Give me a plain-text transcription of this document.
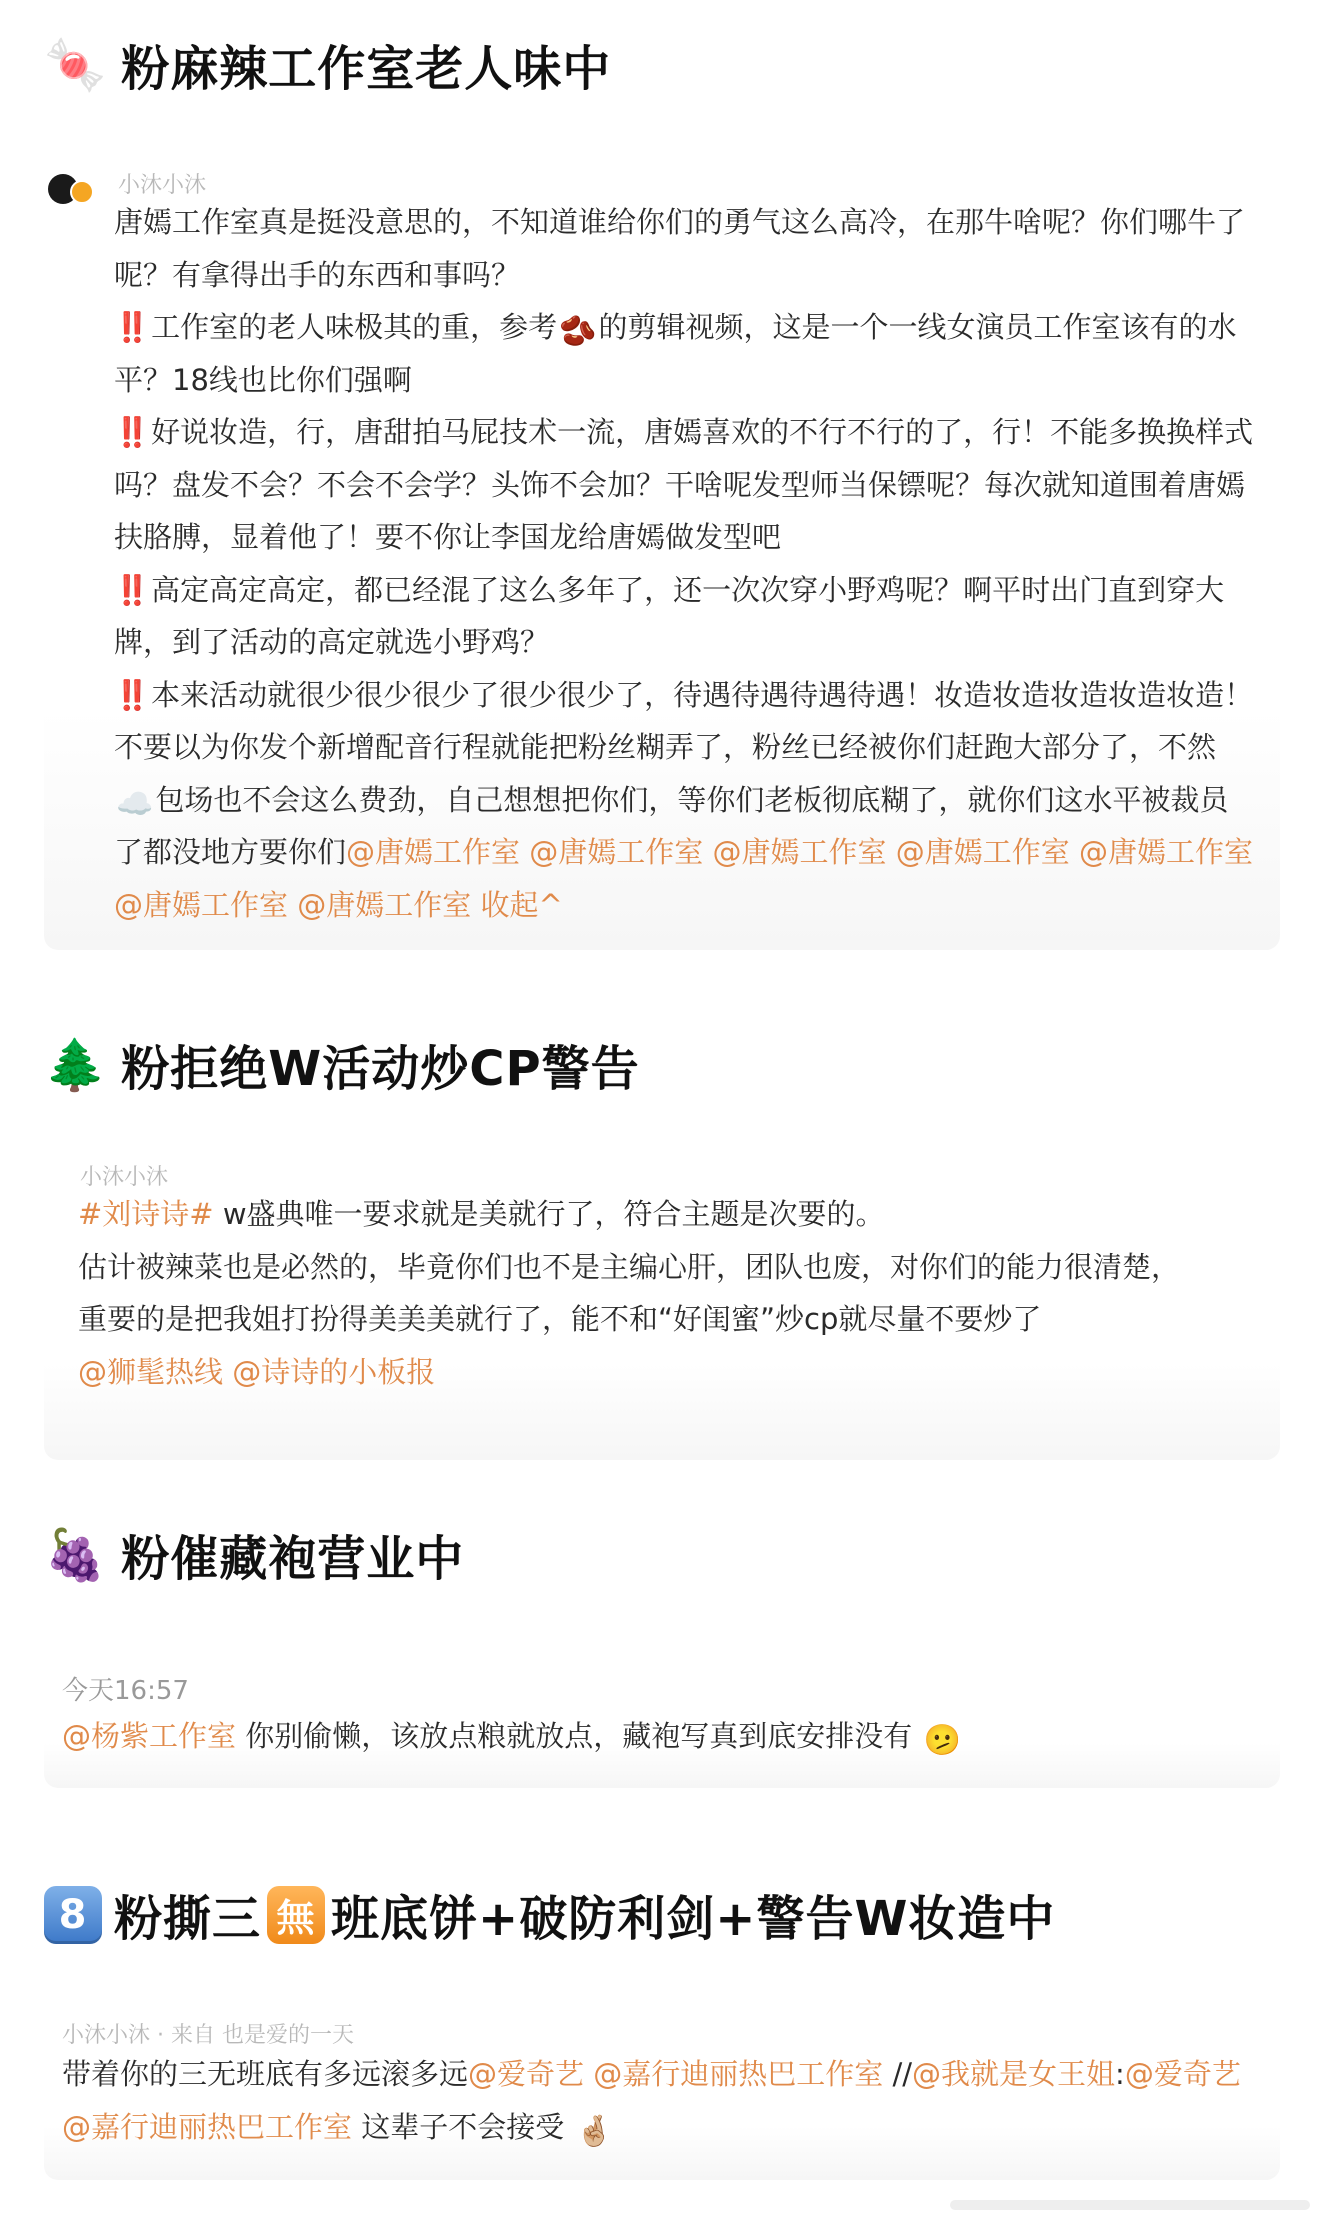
🍬 粉麻辣工作室老人味中
小沐小沐

唐嫣工作室真是挺没意思的，不知道谁给你们的勇气这么高冷，在那牛啥呢？你们哪牛了呢？有拿得出手的东西和事吗？

‼️ 工作室的老人味极其的重，参考🫘的剪辑视频，这是一个一线女演员工作室该有的水平？18线也比你们强啊

‼️ 好说妆造，行，唐甜拍马屁技术一流，唐嫣喜欢的不行不行的了，行！不能多换换样式吗？盘发不会？不会不会学？头饰不会加？干啥呢发型师当保镖呢？每次就知道围着唐嫣扶胳膊，显着他了！要不你让李国龙给唐嫣做发型吧

‼️ 高定高定高定，都已经混了这么多年了，还一次次穿小野鸡呢？啊平时出门直到穿大牌，到了活动的高定就选小野鸡？

‼️ 本来活动就很少很少很少了很少很少了，待遇待遇待遇待遇！妆造妆造妆造妆造妆造！不要以为你发个新增配音行程就能把粉丝糊弄了，粉丝已经被你们赶跑大部分了，不然☁️包场也不会这么费劲，自己想想把你们，等你们老板彻底糊了，就你们这水平被裁员了都没地方要你们@唐嫣工作室 @唐嫣工作室 @唐嫣工作室 @唐嫣工作室 @唐嫣工作室 @唐嫣工作室 @唐嫣工作室 收起^

🌲 粉拒绝W活动炒CP警告
小沐小沐

#刘诗诗# w盛典唯一要求就是美就行了，符合主题是次要的。

估计被辣菜也是必然的，毕竟你们也不是主编心肝，团队也废，对你们的能力很清楚，

重要的是把我姐打扮得美美美就行了，能不和“好闺蜜”炒cp就尽量不要炒了

@狮髦热线 @诗诗的小板报

🍇 粉催藏袍营业中
今天16:57

@杨紫工作室 你别偷懒，该放点粮就放点，藏袍写真到底安排没有 🫤

8 粉撕三 無 班底饼+破防利剑+警告W妆造中
小沐小沐 · 来自 也是爱的一天

带着你的三无班底有多远滚多远@爱奇艺 @嘉行迪丽热巴工作室 //@我就是女王姐:@爱奇艺 @嘉行迪丽热巴工作室 这辈子不会接受 🤞🏼
